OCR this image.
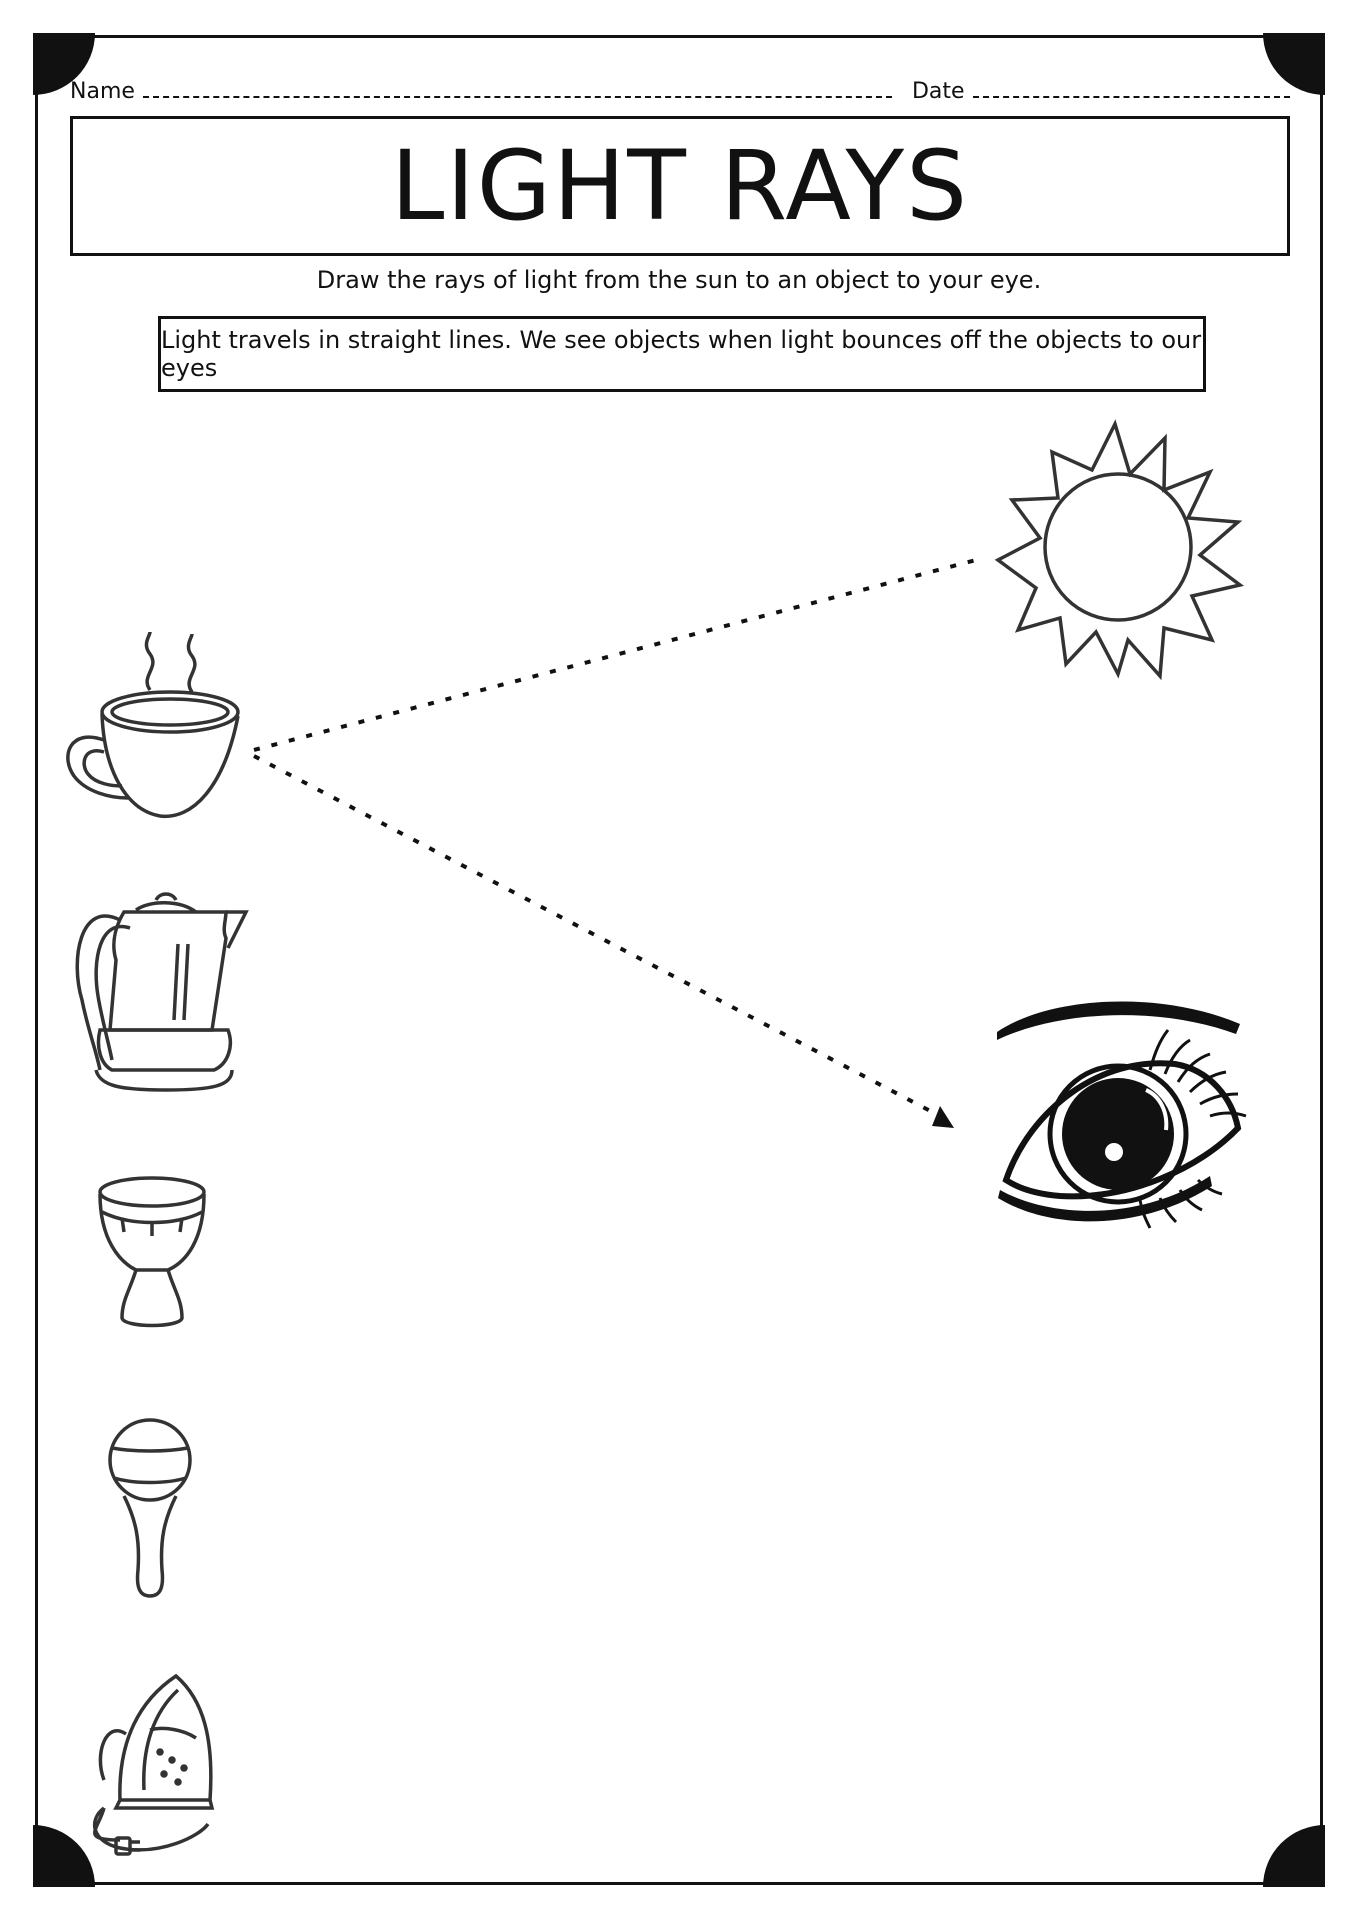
Name	Date
LIGHT RAYS
Draw the rays of light from the sun to an object to your eye.
Light travels in straight lines. We see objects when light bounces off the objects to our eyes
